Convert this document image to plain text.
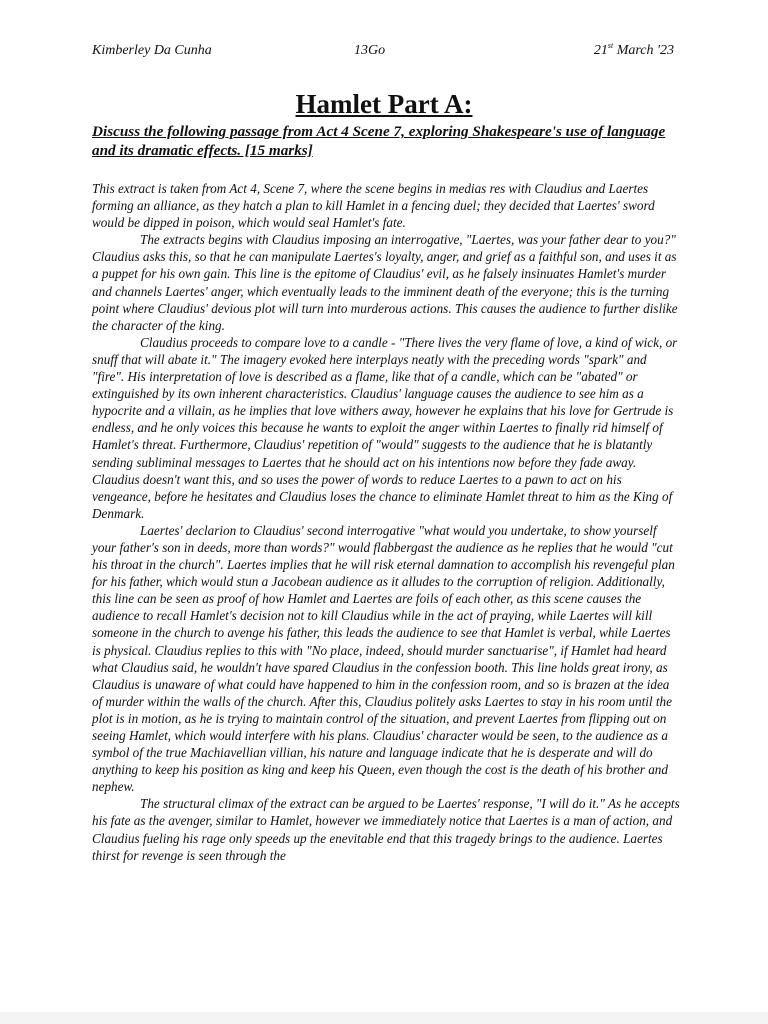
Kimberley Da Cunha	13Go	21st March '23
Hamlet Part A:
Discuss the following passage from Act 4 Scene 7, exploring Shakespeare's use of language and its dramatic effects. [15 marks]

This extract is taken from Act 4, Scene 7, where the scene begins in medias res with Claudius and Laertes forming an alliance, as they hatch a plan to kill Hamlet in a fencing duel; they decided that Laertes' sword would be dipped in poison, which would seal Hamlet's fate.

The extracts begins with Claudius imposing an interrogative, "Laertes, was your father dear to you?" Claudius asks this, so that he can manipulate Laertes's loyalty, anger, and grief as a faithful son, and uses it as a puppet for his own gain. This line is the epitome of Claudius' evil, as he falsely insinuates Hamlet's murder and channels Laertes' anger, which eventually leads to the imminent death of the everyone; this is the turning point where Claudius' devious plot will turn into murderous actions. This causes the audience to further dislike the character of the king.

Claudius proceeds to compare love to a candle - "There lives the very flame of love, a kind of wick, or snuff that will abate it." The imagery evoked here interplays neatly with the preceding words "spark" and "fire". His interpretation of love is described as a flame, like that of a candle, which can be "abated" or extinguished by its own inherent characteristics. Claudius' language causes the audience to see him as a hypocrite and a villain, as he implies that love withers away, however he explains that his love for Gertrude is endless, and he only voices this because he wants to exploit the anger within Laertes to finally rid himself of Hamlet's threat. Furthermore, Claudius' repetition of "would" suggests to the audience that he is blatantly sending subliminal messages to Laertes that he should act on his intentions now before they fade away. Claudius doesn't want this, and so uses the power of words to reduce Laertes to a pawn to act on his vengeance, before he hesitates and Claudius loses the chance to eliminate Hamlet threat to him as the King of Denmark.

Laertes' declarion to Claudius' second interrogative "what would you undertake, to show yourself your father's son in deeds, more than words?" would flabbergast the audience as he replies that he would "cut his throat in the church". Laertes implies that he will risk eternal damnation to accomplish his revengeful plan for his father, which would stun a Jacobean audience as it alludes to the corruption of religion. Additionally, this line can be seen as proof of how Hamlet and Laertes are foils of each other, as this scene causes the audience to recall Hamlet's decision not to kill Claudius while in the act of praying, while Laertes will kill someone in the church to avenge his father, this leads the audience to see that Hamlet is verbal, while Laertes is physical. Claudius replies to this with "No place, indeed, should murder sanctuarise", if Hamlet had heard what Claudius said, he wouldn't have spared Claudius in the confession booth. This line holds great irony, as Claudius is unaware of what could have happened to him in the confession room, and so is brazen at the idea of murder within the walls of the church. After this, Claudius politely asks Laertes to stay in his room until the plot is in motion, as he is trying to maintain control of the situation, and prevent Laertes from flipping out on seeing Hamlet, which would interfere with his plans. Claudius' character would be seen, to the audience as a symbol of the true Machiavellian villian, his nature and language indicate that he is desperate and will do anything to keep his position as king and keep his Queen, even though the cost is the death of his brother and nephew.

The structural climax of the extract can be argued to be Laertes' response, "I will do it." As he accepts his fate as the avenger, similar to Hamlet, however we immediately notice that Laertes is a man of action, and Claudius fueling his rage only speeds up the enevitable end that this tragedy brings to the audience. Laertes thirst for revenge is seen through the
